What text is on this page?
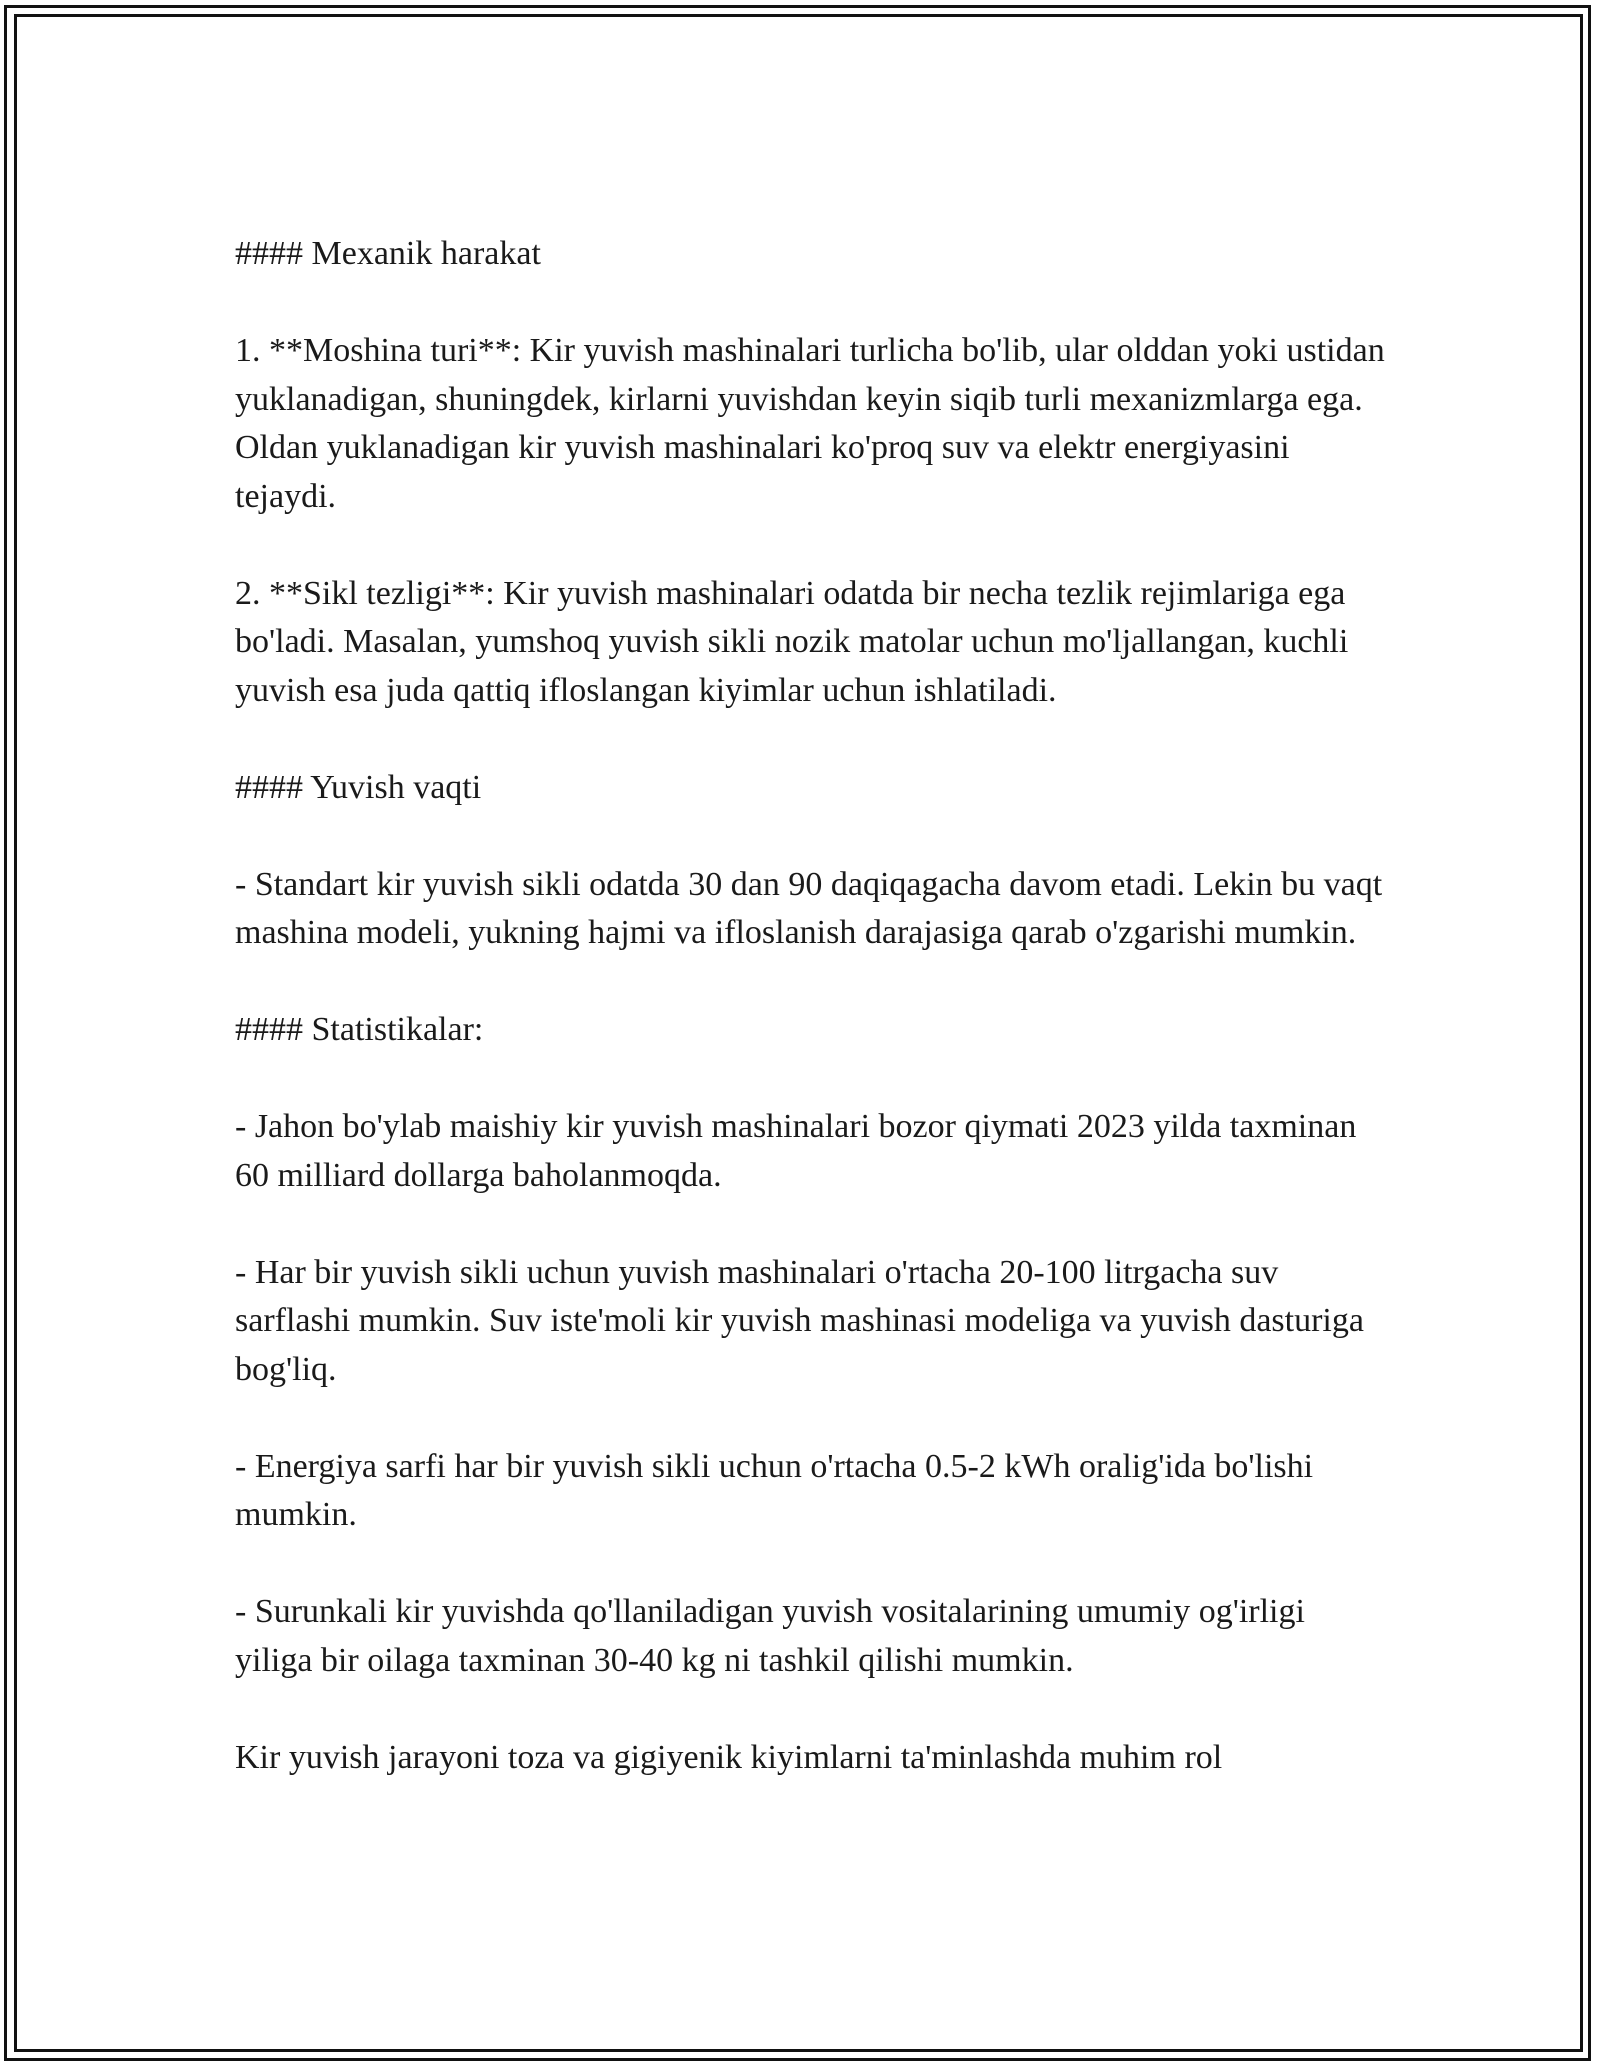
#### Mexanik harakat

1. **Moshina turi**: Kir yuvish mashinalari turlicha bo'lib, ular olddan yoki ustidan yuklanadigan, shuningdek, kirlarni yuvishdan keyin siqib turli mexanizmlarga ega. Oldan yuklanadigan kir yuvish mashinalari ko'proq suv va elektr energiyasini tejaydi.

2. **Sikl tezligi**: Kir yuvish mashinalari odatda bir necha tezlik rejimlariga ega bo'ladi. Masalan, yumshoq yuvish sikli nozik matolar uchun mo'ljallangan, kuchli yuvish esa juda qattiq ifloslangan kiyimlar uchun ishlatiladi.

#### Yuvish vaqti

- Standart kir yuvish sikli odatda 30 dan 90 daqiqagacha davom etadi. Lekin bu vaqt mashina modeli, yukning hajmi va ifloslanish darajasiga qarab o'zgarishi mumkin.

#### Statistikalar:

- Jahon bo'ylab maishiy kir yuvish mashinalari bozor qiymati 2023 yilda taxminan 60 milliard dollarga baholanmoqda.

- Har bir yuvish sikli uchun yuvish mashinalari o'rtacha 20-100 litrgacha suv sarflashi mumkin. Suv iste'moli kir yuvish mashinasi modeliga va yuvish dasturiga bog'liq.

- Energiya sarfi har bir yuvish sikli uchun o'rtacha 0.5-2 kWh oralig'ida bo'lishi mumkin.

- Surunkali kir yuvishda qo'llaniladigan yuvish vositalarining umumiy og'irligi yiliga bir oilaga taxminan 30-40 kg ni tashkil qilishi mumkin.

Kir yuvish jarayoni toza va gigiyenik kiyimlarni ta'minlashda muhim rol
